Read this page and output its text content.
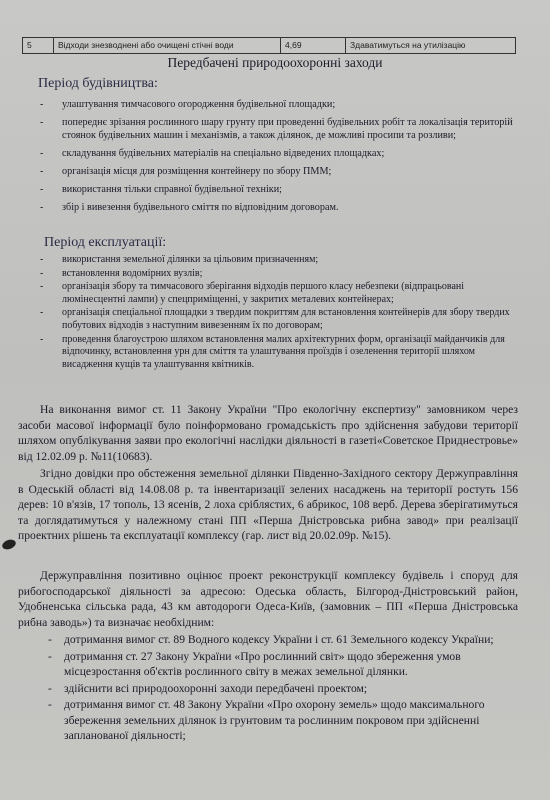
5	Відходи знезводнені або очищені стічні води	4,69	Здаватимуться на утилізацію
Передбачені природоохоронні заходи
Період будівництва:
- улаштування тимчасового огородження будівельної площадки;
- попереднє зрізання рослинного шару грунту при проведенні будівельних робіт та локалізація територій стоянок будівельних машин і механізмів, а також ділянок, де можливі просипи та розливи;
- складування будівельних матеріалів на спеціально відведених площадках;
- організація місця для розміщення контейнеру по збору ПММ;
- використання тільки справної будівельної техніки;
- збір і вивезення будівельного сміття по відповідним договорам.
Період експлуатації:
- використання земельної ділянки за цільовим призначенням;
- встановлення водомірних вузлів;
- організація збору та тимчасового зберігання відходів першого класу небезпеки (відпрацьовані люмінесцентні лампи) у спецприміщенні, у закритих металевих контейнерах;
- організація спеціальної площадки з твердим покриттям для встановлення контейнерів для збору твердих побутових відходів з наступним вивезенням їх по договорам;
- проведення благоустрою шляхом встановлення малих архітектурних форм, організації майданчиків для відпочинку, встановлення урн для сміття та улаштування проїздів і озеленення території шляхом висадження кущів та улаштування квітників.

На виконання вимог ст. 11 Закону України "Про екологічну експертизу" замовником через засоби масової інформації було поінформовано громадськість про здійснення забудови території шляхом опублікування заяви про екологічні наслідки діяльності в газеті«Советское Приднестровье» від 12.02.09 р. №11(10683).

Згідно довідки про обстеження земельної ділянки Південно-Західного сектору Держуправління в Одеській області від 14.08.08 р. та інвентаризації зелених насаджень на території ростуть 156 дерев: 10 в'язів, 17 тополь, 13 ясенів, 2 лоха сріблястих, 6 абрикос, 108 верб. Дерева зберігатимуться та доглядатимуться у належному стані ПП «Перша Дністровська рибна завод» при реалізації проектних рішень та експлуатації комплексу (гар. лист від 20.02.09р. №15).

Держуправління позитивно оцінює проект реконструкції комплексу будівель і споруд для рибогосподарської діяльності за адресою: Одеська область, Білгород-Дністровський район, Удобненська сільська рада, 43 км автодороги Одеса-Київ, (замовник – ПП «Перша Дністровська рибна заводь») та визначає необхідним:

- дотримання вимог ст. 89 Водного кодексу України і ст. 61 Земельного кодексу України;
- дотримання ст. 27 Закону України «Про рослинний світ» щодо збереження умов місцезростання об'єктів рослинного світу в межах земельної ділянки.
- здійснити всі природоохоронні заходи передбачені проектом;
- дотримання вимог ст. 48 Закону України «Про охорону земель» щодо максимального збереження земельних ділянок із грунтовим та рослинним покровом при здійсненні запланованої діяльності;
